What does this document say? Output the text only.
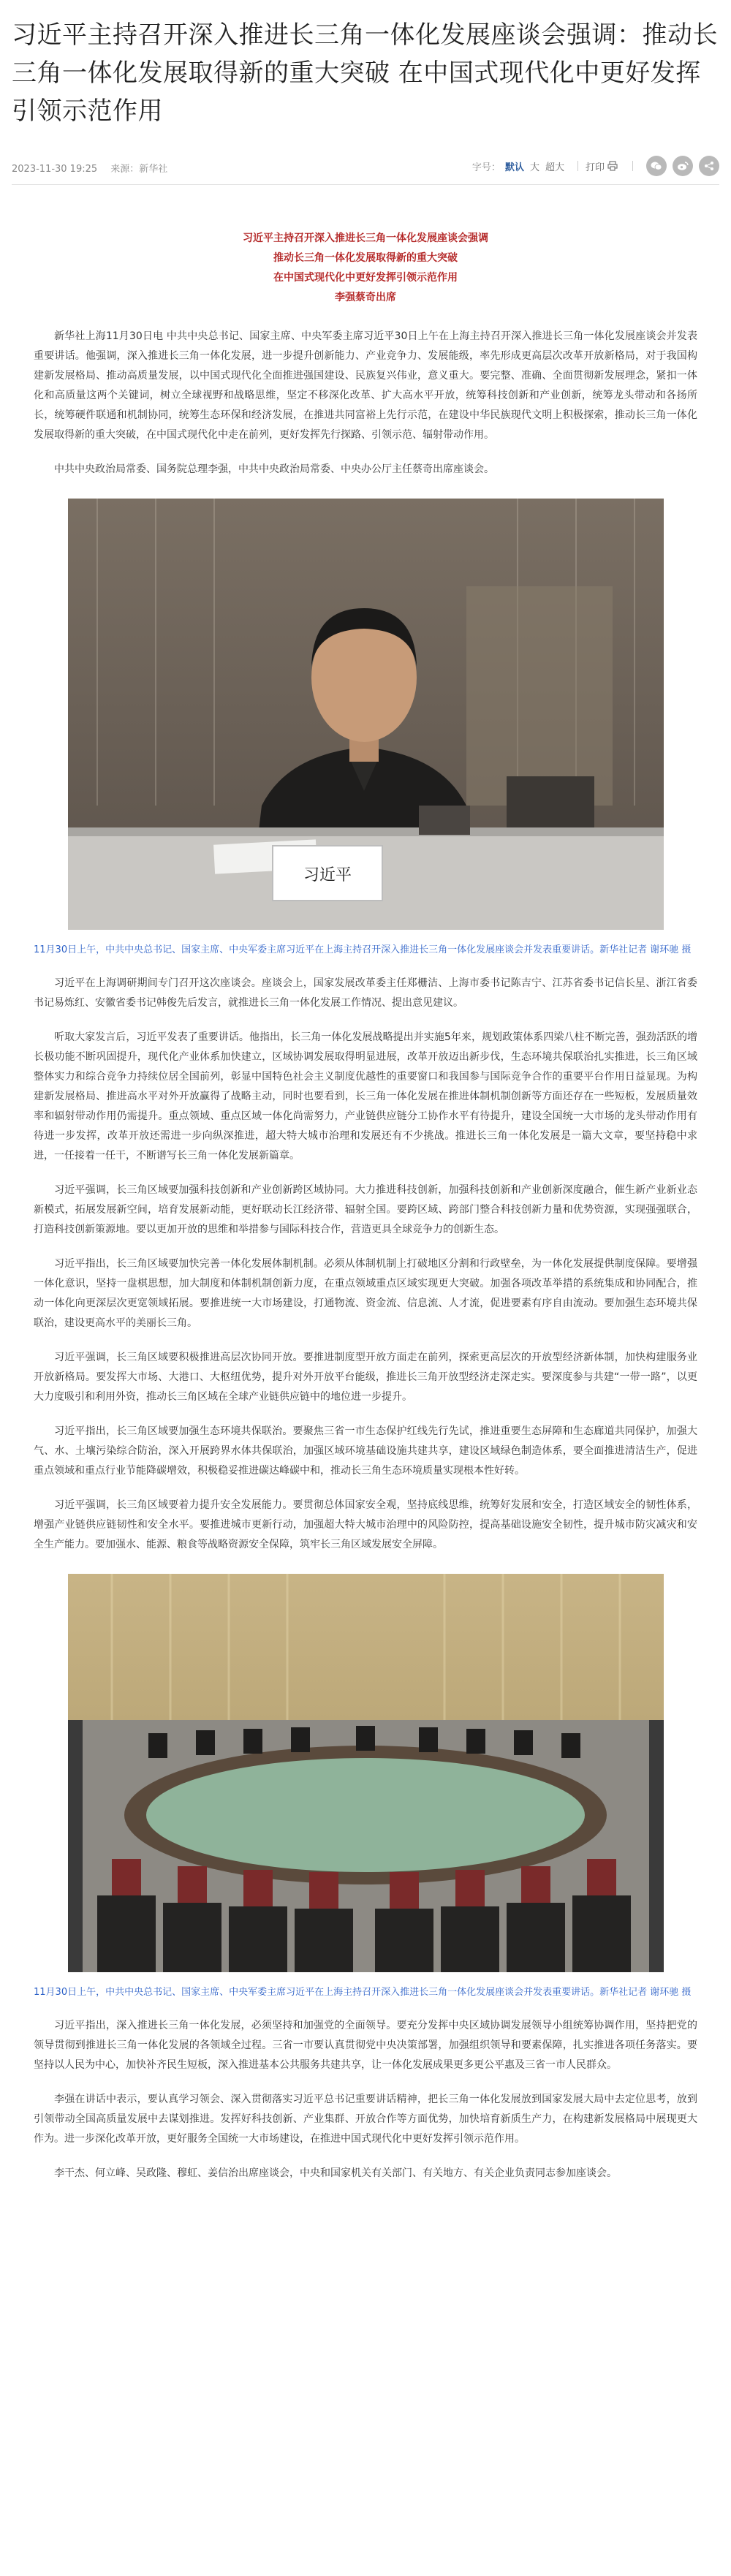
习近平主持召开深入推进长三角一体化发展座谈会强调：推动长三角一体化发展取得新的重大突破 在中国式现代化中更好发挥引领示范作用
2023-11-30 19:25 来源：新华社	字号： 默认 大 超大 打印
习近平主持召开深入推进长三角一体化发展座谈会强调
推动长三角一体化发展取得新的重大突破
在中国式现代化中更好发挥引领示范作用
李强蔡奇出席

新华社上海11月30日电 中共中央总书记、国家主席、中央军委主席习近平30日上午在上海主持召开深入推进长三角一体化发展座谈会并发表重要讲话。他强调，深入推进长三角一体化发展，进一步提升创新能力、产业竞争力、发展能级，率先形成更高层次改革开放新格局，对于我国构建新发展格局、推动高质量发展，以中国式现代化全面推进强国建设、民族复兴伟业，意义重大。要完整、准确、全面贯彻新发展理念，紧扣一体化和高质量这两个关键词，树立全球视野和战略思维，坚定不移深化改革、扩大高水平开放，统筹科技创新和产业创新，统筹龙头带动和各扬所长，统筹硬件联通和机制协同，统筹生态环保和经济发展，在推进共同富裕上先行示范，在建设中华民族现代文明上积极探索，推动长三角一体化发展取得新的重大突破，在中国式现代化中走在前列，更好发挥先行探路、引领示范、辐射带动作用。

中共中央政治局常委、国务院总理李强，中共中央政治局常委、中央办公厅主任蔡奇出席座谈会。

习近平

11月30日上午，中共中央总书记、国家主席、中央军委主席习近平在上海主持召开深入推进长三角一体化发展座谈会并发表重要讲话。新华社记者 谢环驰 摄

习近平在上海调研期间专门召开这次座谈会。座谈会上，国家发展改革委主任郑栅洁、上海市委书记陈吉宁、江苏省委书记信长星、浙江省委书记易炼红、安徽省委书记韩俊先后发言，就推进长三角一体化发展工作情况、提出意见建议。

听取大家发言后，习近平发表了重要讲话。他指出，长三角一体化发展战略提出并实施5年来，规划政策体系四梁八柱不断完善，强劲活跃的增长极功能不断巩固提升，现代化产业体系加快建立，区域协调发展取得明显进展，改革开放迈出新步伐，生态环境共保联治扎实推进，长三角区域整体实力和综合竞争力持续位居全国前列，彰显中国特色社会主义制度优越性的重要窗口和我国参与国际竞争合作的重要平台作用日益显现。为构建新发展格局、推进高水平对外开放赢得了战略主动，同时也要看到，长三角一体化发展在推进体制机制创新等方面还存在一些短板，发展质量效率和辐射带动作用仍需提升。重点领域、重点区域一体化尚需努力，产业链供应链分工协作水平有待提升，建设全国统一大市场的龙头带动作用有待进一步发挥，改革开放还需进一步向纵深推进，超大特大城市治理和发展还有不少挑战。推进长三角一体化发展是一篇大文章，要坚持稳中求进，一任接着一任干，不断谱写长三角一体化发展新篇章。

习近平强调，长三角区域要加强科技创新和产业创新跨区域协同。大力推进科技创新，加强科技创新和产业创新深度融合，催生新产业新业态新模式，拓展发展新空间，培育发展新动能，更好联动长江经济带、辐射全国。要跨区域、跨部门整合科技创新力量和优势资源，实现强强联合，打造科技创新策源地。要以更加开放的思维和举措参与国际科技合作，营造更具全球竞争力的创新生态。

习近平指出，长三角区域要加快完善一体化发展体制机制。必须从体制机制上打破地区分割和行政壁垒，为一体化发展提供制度保障。要增强一体化意识，坚持一盘棋思想，加大制度和体制机制创新力度，在重点领域重点区域实现更大突破。加强各项改革举措的系统集成和协同配合，推动一体化向更深层次更宽领域拓展。要推进统一大市场建设，打通物流、资金流、信息流、人才流，促进要素有序自由流动。要加强生态环境共保联治，建设更高水平的美丽长三角。

习近平强调，长三角区域要积极推进高层次协同开放。要推进制度型开放方面走在前列，探索更高层次的开放型经济新体制，加快构建服务业开放新格局。要发挥大市场、大港口、大枢纽优势，提升对外开放平台能级，推进长三角开放型经济走深走实。要深度参与共建“一带一路”，以更大力度吸引和利用外资，推动长三角区域在全球产业链供应链中的地位进一步提升。

习近平指出，长三角区域要加强生态环境共保联治。要聚焦三省一市生态保护红线先行先试，推进重要生态屏障和生态廊道共同保护，加强大气、水、土壤污染综合防治，深入开展跨界水体共保联治，加强区域环境基础设施共建共享，建设区域绿色制造体系，要全面推进清洁生产，促进重点领域和重点行业节能降碳增效，积极稳妥推进碳达峰碳中和，推动长三角生态环境质量实现根本性好转。

习近平强调，长三角区域要着力提升安全发展能力。要贯彻总体国家安全观，坚持底线思维，统筹好发展和安全，打造区域安全的韧性体系，增强产业链供应链韧性和安全水平。要推进城市更新行动，加强超大特大城市治理中的风险防控，提高基础设施安全韧性，提升城市防灾减灾和安全生产能力。要加强水、能源、粮食等战略资源安全保障，筑牢长三角区域发展安全屏障。

11月30日上午，中共中央总书记、国家主席、中央军委主席习近平在上海主持召开深入推进长三角一体化发展座谈会并发表重要讲话。新华社记者 谢环驰 摄

习近平指出，深入推进长三角一体化发展，必须坚持和加强党的全面领导。要充分发挥中央区域协调发展领导小组统筹协调作用，坚持把党的领导贯彻到推进长三角一体化发展的各领域全过程。三省一市要认真贯彻党中央决策部署，加强组织领导和要素保障，扎实推进各项任务落实。要坚持以人民为中心，加快补齐民生短板，深入推进基本公共服务共建共享，让一体化发展成果更多更公平惠及三省一市人民群众。

李强在讲话中表示，要认真学习领会、深入贯彻落实习近平总书记重要讲话精神，把长三角一体化发展放到国家发展大局中去定位思考，放到引领带动全国高质量发展中去谋划推进。发挥好科技创新、产业集群、开放合作等方面优势，加快培育新质生产力，在构建新发展格局中展现更大作为。进一步深化改革开放，更好服务全国统一大市场建设，在推进中国式现代化中更好发挥引领示范作用。

李干杰、何立峰、吴政隆、穆虹、姜信治出席座谈会，中央和国家机关有关部门、有关地方、有关企业负责同志参加座谈会。
